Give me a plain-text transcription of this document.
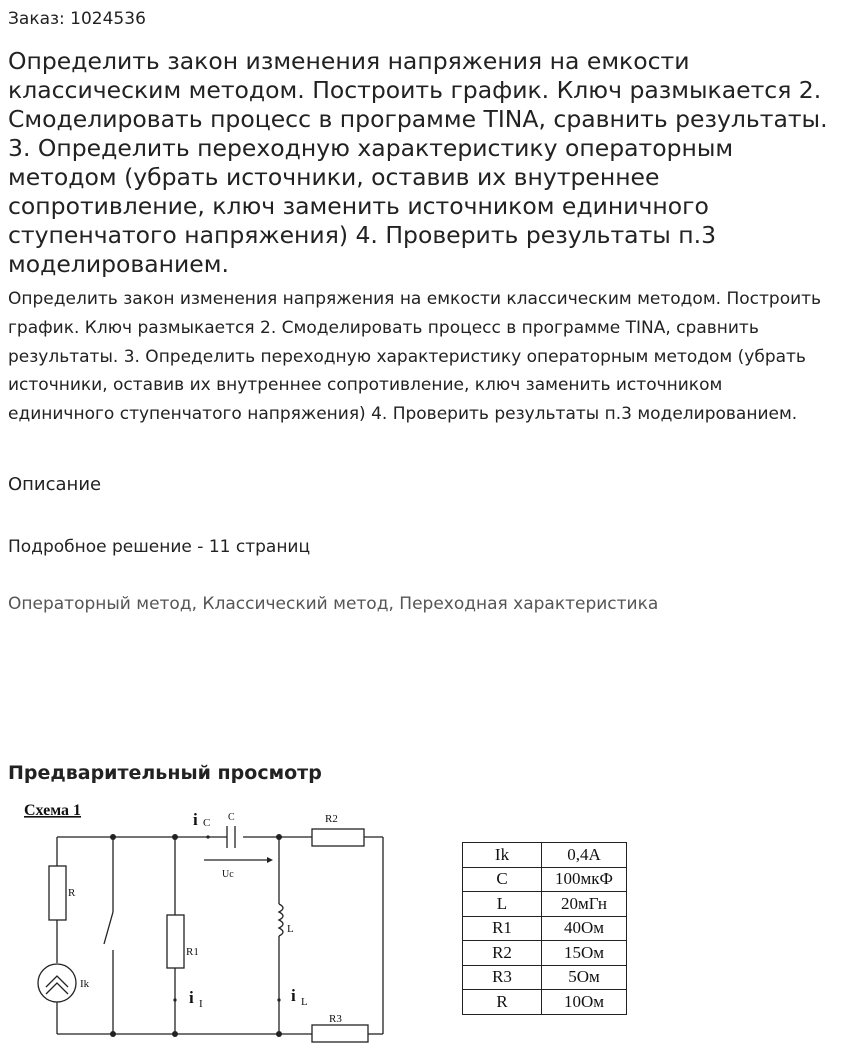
Заказ: 1024536
Определить закон изменения напряжения на емкости классическим методом. Построить график. Ключ размыкается 2. Смоделировать процесс в программе TINA, сравнить результаты. 3. Определить переходную характеристику операторным методом (убрать источники, оставив их внутреннее сопротивление, ключ заменить источником единичного ступенчатого напряжения) 4. Проверить результаты п.3 моделированием.
Определить закон изменения напряжения на емкости классическим методом. Построить график. Ключ размыкается 2. Смоделировать процесс в программе TINA, сравнить результаты. 3. Определить переходную характеристику операторным методом (убрать источники, оставив их внутреннее сопротивление, ключ заменить источником единичного ступенчатого напряжения) 4. Проверить результаты п.3 моделированием.
Описание
Подробное решение - 11 страниц
Операторный метод, Классический метод, Переходная характеристика
Предварительный просмотр
Схема 1
R
Ik
R1
R2
R3
L
C
Uc
i C
i I	i L
Ik	0,4А
C	100мкФ
L	20мГн
R1	40Ом
R2	15Ом
R3	5Ом
R	10Ом
